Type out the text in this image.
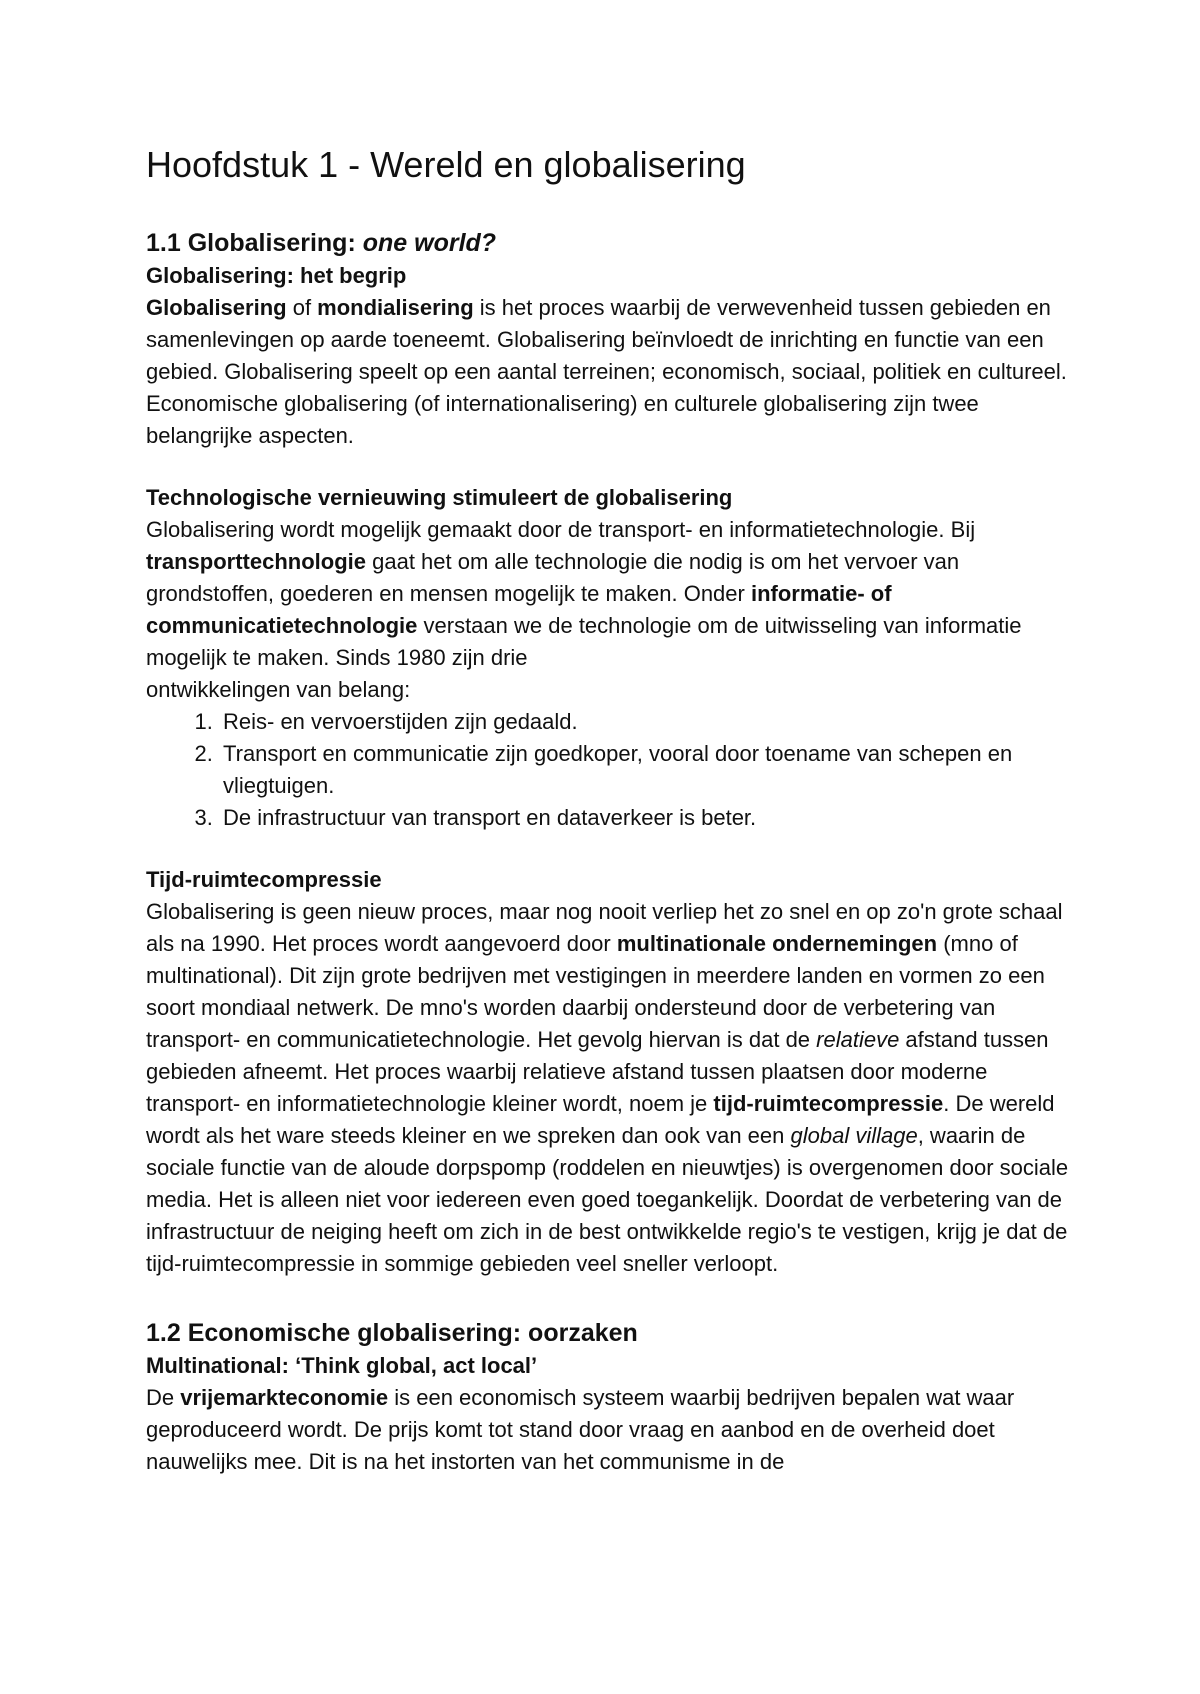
Hoofdstuk 1 - Wereld en globalisering

1.1 Globalisering: one world?

Globalisering: het begrip

Globalisering of mondialisering is het proces waarbij de verwevenheid tussen gebieden en samenlevingen op aarde toeneemt. Globalisering beïnvloedt de inrichting en functie van een gebied. Globalisering speelt op een aantal terreinen; economisch, sociaal, politiek en cultureel. Economische globalisering (of internationalisering) en culturele globalisering zijn twee belangrijke aspecten.

Technologische vernieuwing stimuleert de globalisering

Globalisering wordt mogelijk gemaakt door de transport- en informatietechnologie. Bij transporttechnologie gaat het om alle technologie die nodig is om het vervoer van grondstoffen, goederen en mensen mogelijk te maken. Onder informatie- of communicatietechnologie verstaan we de technologie om de uitwisseling van informatie mogelijk te maken. Sinds 1980 zijn drie
ontwikkelingen van belang:

1. Reis- en vervoerstijden zijn gedaald.
2. Transport en communicatie zijn goedkoper, vooral door toename van schepen en vliegtuigen.
3. De infrastructuur van transport en dataverkeer is beter.

Tijd-ruimtecompressie

Globalisering is geen nieuw proces, maar nog nooit verliep het zo snel en op zo'n grote schaal als na 1990. Het proces wordt aangevoerd door multinationale ondernemingen (mno of multinational). Dit zijn grote bedrijven met vestigingen in meerdere landen en vormen zo een soort mondiaal netwerk. De mno's worden daarbij ondersteund door de verbetering van transport- en communicatietechnologie. Het gevolg hiervan is dat de relatieve afstand tussen gebieden afneemt. Het proces waarbij relatieve afstand tussen plaatsen door moderne transport- en informatietechnologie kleiner wordt, noem je tijd-ruimtecompressie. De wereld wordt als het ware steeds kleiner en we spreken dan ook van een global village, waarin de sociale functie van de aloude dorpspomp (roddelen en nieuwtjes) is overgenomen door sociale media. Het is alleen niet voor iedereen even goed toegankelijk. Doordat de verbetering van de infrastructuur de neiging heeft om zich in de best ontwikkelde regio's te vestigen, krijg je dat de tijd-ruimtecompressie in sommige gebieden veel sneller verloopt.

1.2 Economische globalisering: oorzaken

Multinational: ‘Think global, act local’

De vrijemarkteconomie is een economisch systeem waarbij bedrijven bepalen wat waar geproduceerd wordt. De prijs komt tot stand door vraag en aanbod en de overheid doet nauwelijks mee. Dit is na het instorten van het communisme in de
